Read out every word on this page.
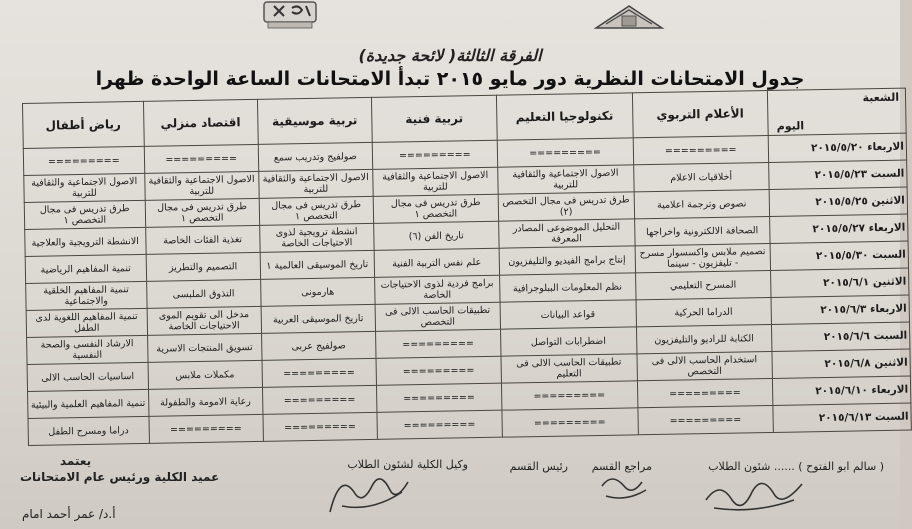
الفرقة الثالثة( لائحة جديدة)
جدول الامتحانات النظرية دور مايو ٢٠١٥ تبدأ الامتحانات الساعة الواحدة ظهرا
الشعبة
اليوم	الأعلام التربوي	تكنولوجيا التعليم	تربية فنية	تربية موسيقية	اقتصاد منزلي	رياض أطفال
الاربعاء ٢٠١٥/٥/٢٠	=========	=========	=========	صولفيج وتدريب سمع	=========	=========
السبت ٢٠١٥/٥/٢٣	أخلاقيات الاعلام	الاصول الاجتماعية والثقافية للتربية	الاصول الاجتماعية والثقافية للتربية	الاصول الاجتماعية والثقافية للتربية	الاصول الاجتماعية والثقافية للتربية	الاصول الاجتماعية والثقافية للتربية
الاثنين ٢٠١٥/٥/٢٥	نصوص وترجمة اعلامية	طرق تدريس فى مجال التخصص (٢)	طرق تدريس فى مجال التخصص ١	طرق تدريس فى مجال التخصص ١	طرق تدريس فى مجال التخصص ١	طرق تدريس فى مجال التخصص ١
الاربعاء ٢٠١٥/٥/٢٧	الصحافة الالكترونية واخراجها	التحليل الموضوعى المصادر المعرفة	تاريخ الفن (٦)	انشطة ترويجية لذوى الاحتياجات الخاصة	تغذية الفئات الخاصة	الانشطة الترويجية والعلاجية
السبت ٢٠١٥/٥/٣٠	تصميم ملابس واكسسوار مسرح - تليفزيون - سينما	إنتاج برامج الفيديو والتليفزيون	علم نفس التربية الفنية	تاريخ الموسيقى العالمية ١	التصميم والتطريز	تنمية المفاهيم الرياضية
الاثنين ٢٠١٥/٦/١	المسرح التعليمي	نظم المعلومات الببلوجرافية	برامج فردية لذوى الاحتياجات الخاصة	هارمونى	التذوق الملبسى	تنمية المفاهيم الخلقية والاجتماعية
الاربعاء ٢٠١٥/٦/٣	الدراما الحركية	قواعد البيانات	تطبيقات الحاسب الالى فى التخصص	تاريخ الموسيقى العربية	مدخل الى تقويم الموى الاحتياجات الخاصة	تنمية المفاهيم اللغوية لدى الطفل
السبت ٢٠١٥/٦/٦	الكتابة للراديو والتليفزيون	اضطرابات التواصل	=========	صولفيج عربى	تسويق المنتجات الاسرية	الارشاد النفسى والصحة النفسية
الاثنين ٢٠١٥/٦/٨	استخدام الحاسب الالى فى التخصص	تطبيقات الحاسب الالى فى التعليم	=========	=========	مكملات ملابس	اساسيات الحاسب الالى
الاربعاء ٢٠١٥/٦/١٠	=========	=========	=========	=========	رعاية الامومة والطفولة	تنمية المفاهيم العلمية والبيئية
السبت ٢٠١٥/٦/١٣	=========	=========	=========	=========	=========	دراما ومسرح الطفل
( سالم ابو الفتوح ) ...... شئون الطلاب
مراجع القسم
رئيس القسم
وكيل الكلية لشئون الطلاب
يعتمد
عميد الكلية ورئيس عام الامتحانات
أ.د/ عمر أحمد امام
